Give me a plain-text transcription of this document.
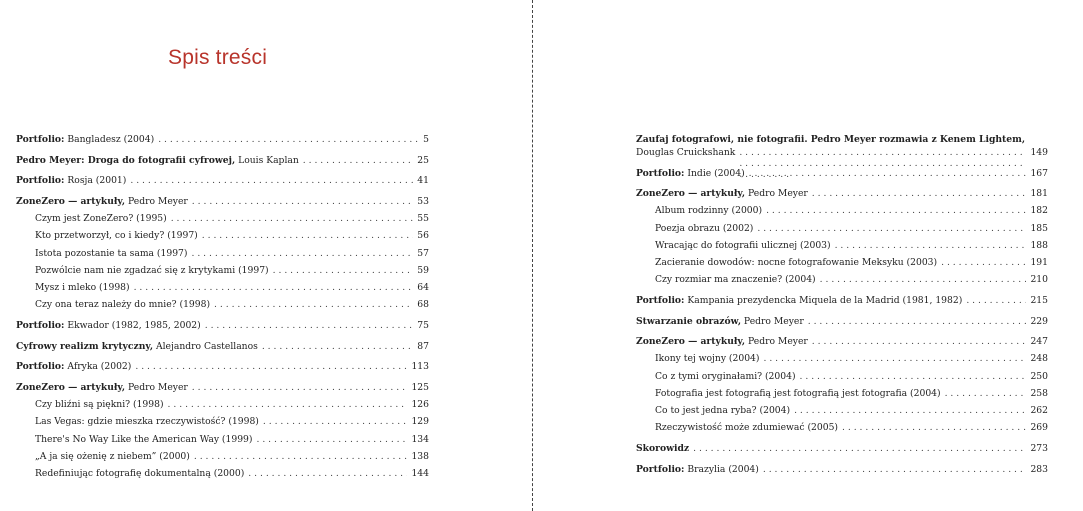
Spis treści
Portfolio: Bangladesz (2004) . . .	5
Pedro Meyer: Droga do fotografii cyfrowej, Louis Kaplan . . .	25
Portfolio: Rosja (2001) . . .	41
ZoneZero — artykuły, Pedro Meyer . . .	53
Czym jest ZoneZero? (1995) . . .	55
Kto przetworzył, co i kiedy? (1997) . . .	56
Istota pozostanie ta sama (1997) . . .	57
Pozwólcie nam nie zgadzać się z krytykami (1997) . . .	59
Mysz i mleko (1998) . . .	64
Czy ona teraz należy do mnie? (1998) . . .	68
Portfolio: Ekwador (1982, 1985, 2002) . . .	75
Cyfrowy realizm krytyczny, Alejandro Castellanos . . .	87
Portfolio: Afryka (2002) . . .	113
ZoneZero — artykuły, Pedro Meyer . . .	125
Czy bliźni są piękni? (1998) . . .	126
Las Vegas: gdzie mieszka rzeczywistość? (1998) . . .	129
There's No Way Like the American Way (1999) . . .	134
„A ja się ożenię z niebem” (2000) . . .	138
Redefiniując fotografię dokumentalną (2000) . . .	144
Zaufaj fotografowi, nie fotografii. Pedro Meyer rozmawia z Kenem Lightem,
Douglas Cruickshank . . .	149
Portfolio: Indie (2004) . . .	167
ZoneZero — artykuły, Pedro Meyer . . .	181
Album rodzinny (2000) . . .	182
Poezja obrazu (2002) . . .	185
Wracając do fotografii ulicznej (2003) . . .	188
Zacieranie dowodów: nocne fotografowanie Meksyku (2003) . . .	191
Czy rozmiar ma znaczenie? (2004) . . .	210
Portfolio: Kampania prezydencka Miquela de la Madrid (1981, 1982) . . .	215
Stwarzanie obrazów, Pedro Meyer . . .	229
ZoneZero — artykuły, Pedro Meyer . . .	247
Ikony tej wojny (2004) . . .	248
Co z tymi oryginałami? (2004) . . .	250
Fotografia jest fotografią jest fotografią jest fotografia (2004) . . .	258
Co to jest jedna ryba? (2004) . . .	262
Rzeczywistość może zdumiewać (2005) . . .	269
Skorowidz . . .	273
Portfolio: Brazylia (2004) . . .	283
